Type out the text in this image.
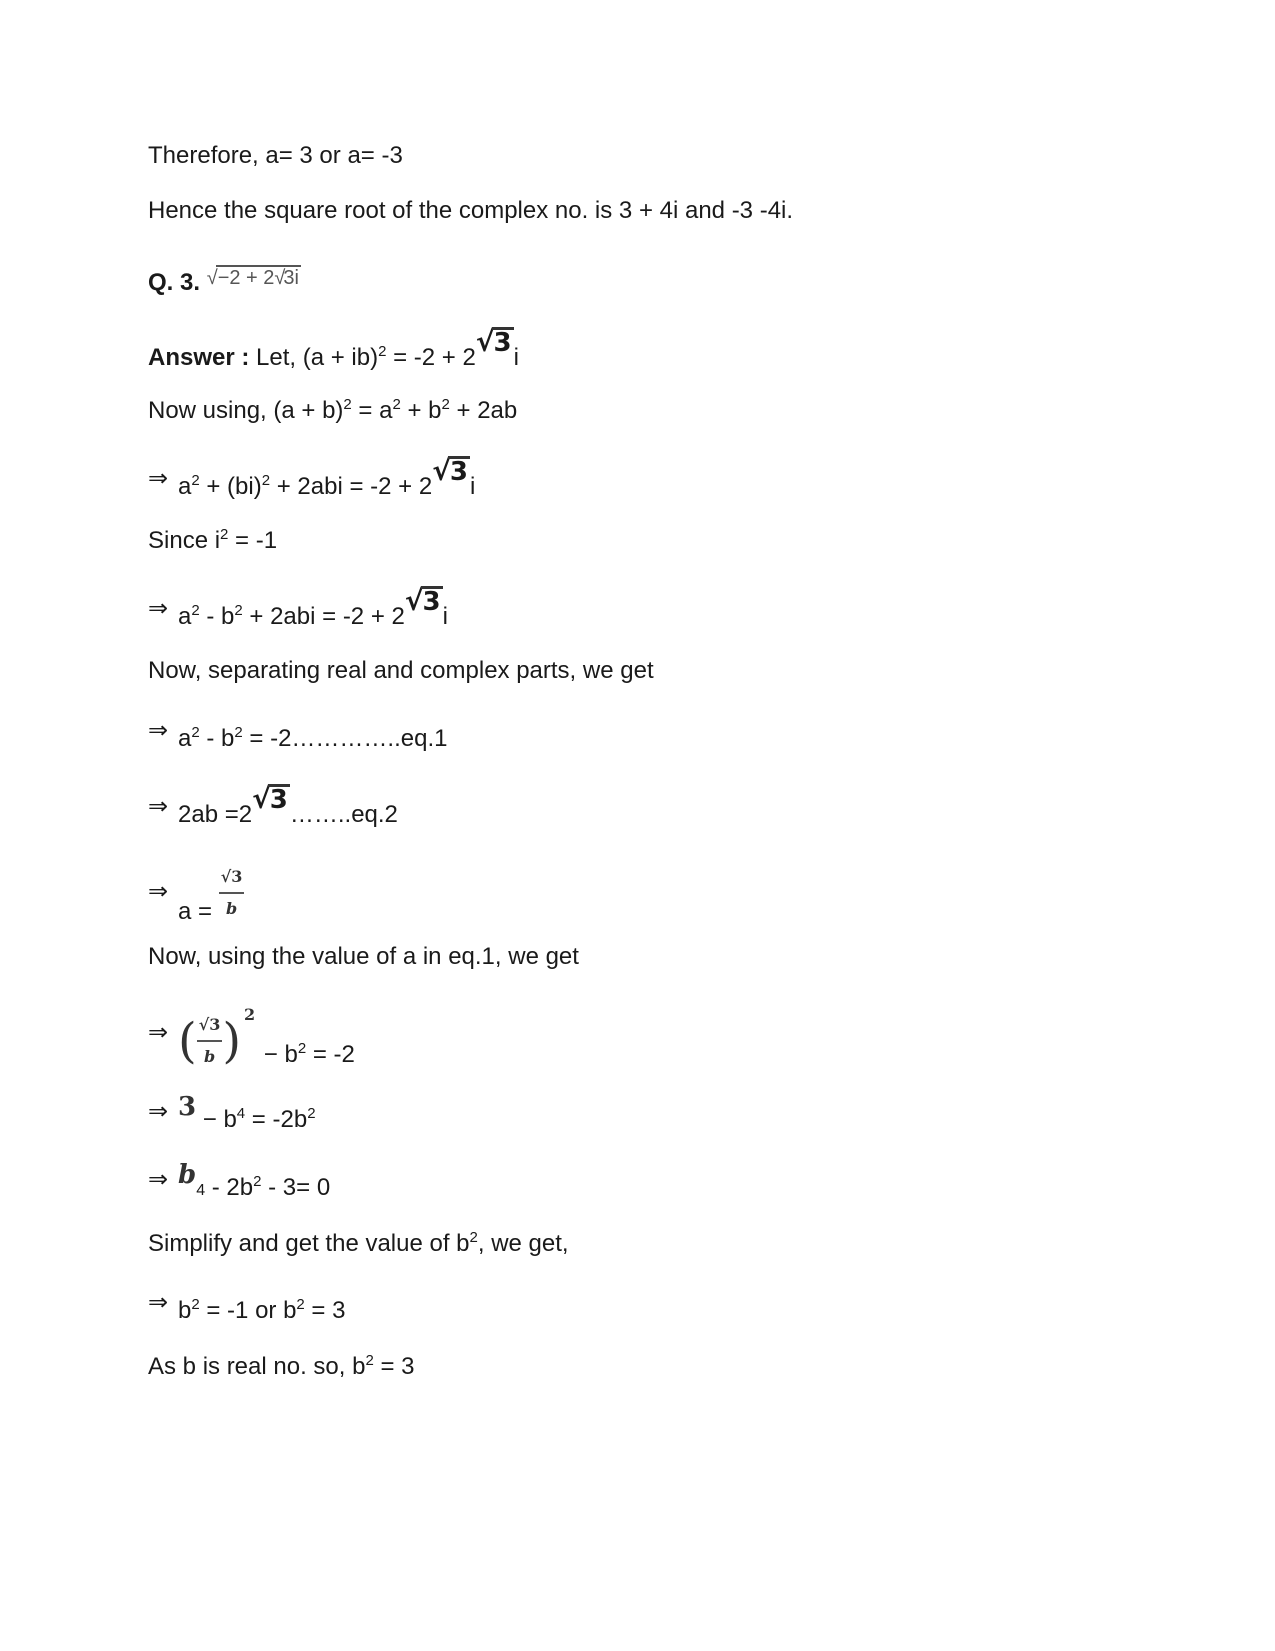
Therefore, a= 3 or a= -3
Hence the square root of the complex no. is 3 + 4i and -3 -4i.
Q. 3. √−2 + 2√3i
Answer : Let, (a + ib)$^2$ = -2 + 2√3i
Now using, $(a + b)^2 = a^2 + b^2 + 2ab$
⇒ $a^2 + (bi)^2 + 2abi = -2 + 2√3i$
Since $i^2 = -1$
⇒ $a^2 - b^2 + 2abi = -2 + 2√3i$
Now, separating real and complex parts, we get
⇒ $a^2 - b^2$ = -2…………..eq.1
⇒ 2ab =2√3……..eq.2
⇒a = $\frac{√3}{b}$
Now, using the value of a in eq.1, we get
⇒ ( $\frac{√3}{b}$ ) 2
− $b^2 = -2$
⇒ $3 - b^4 = -2b^2$
⇒ $b4 - 2b^2 - 3= 0$
Simplify and get the value of $b^2$, we get,
⇒ $b^2 = -1$ or $b^2 = 3$
As b is real no. so, $b^2 = 3$
